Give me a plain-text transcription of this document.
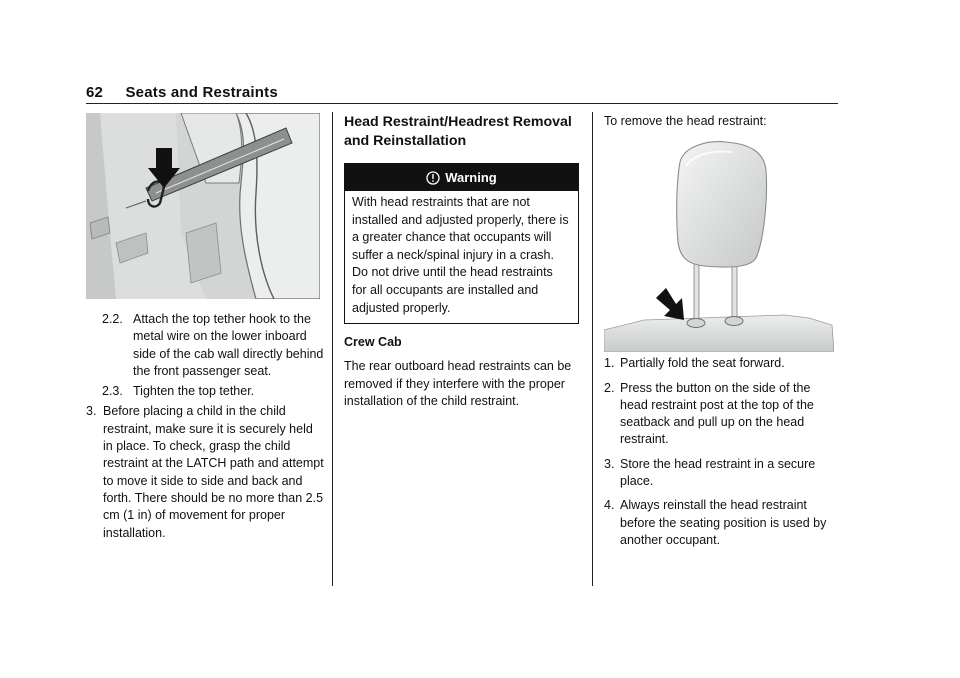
62 Seats and Restraints
2.2. Attach the top tether hook to the metal wire on the lower inboard side of the cab wall directly behind the front passenger seat.
2.3. Tighten the top tether.
3. Before placing a child in the child restraint, make sure it is securely held in place. To check, grasp the child restraint at the LATCH path and attempt to move it side to side and back and forth. There should be no more than 2.5 cm (1 in) of movement for proper installation.
Head Restraint/Headrest Removal and Reinstallation
Warning
With head restraints that are not installed and adjusted properly, there is a greater chance that occupants will suffer a neck/spinal injury in a crash. Do not drive until the head restraints for all occupants are installed and adjusted properly.
Crew Cab
The rear outboard head restraints can be removed if they interfere with the proper installation of the child restraint.
To remove the head restraint:
1. Partially fold the seat forward.
2. Press the button on the side of the head restraint post at the top of the seatback and pull up on the head restraint.
3. Store the head restraint in a secure place.
4. Always reinstall the head restraint before the seating position is used by another occupant.
